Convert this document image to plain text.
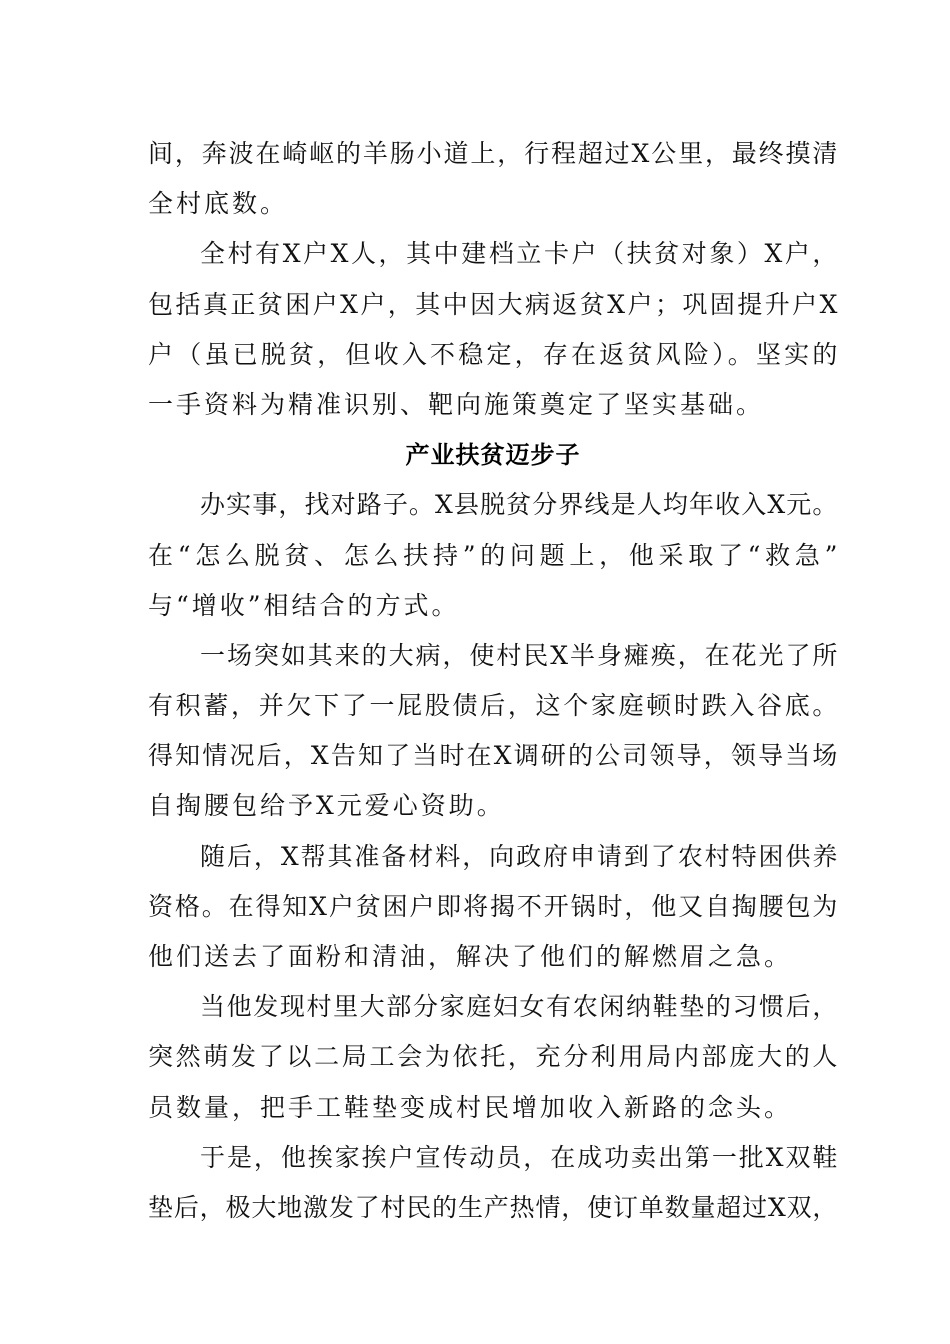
间，奔波在崎岖的羊肠小道上，行程超过X公里，最终摸清
全村底数。
全村有X户X人，其中建档立卡户（扶贫对象）X户，
包括真正贫困户X户，其中因大病返贫X户；巩固提升户X
户（虽已脱贫，但收入不稳定，存在返贫风险）。坚实的
一手资料为精准识别、靶向施策奠定了坚实基础。
产业扶贫迈步子
办实事，找对路子。X县脱贫分界线是人均年收入X元。
在“怎么脱贫、怎么扶持”的问题上，他采取了“救急”
与“增收”相结合的方式。
一场突如其来的大病，使村民X半身瘫痪，在花光了所
有积蓄，并欠下了一屁股债后，这个家庭顿时跌入谷底。
得知情况后，X告知了当时在X调研的公司领导，领导当场
自掏腰包给予X元爱心资助。
随后，X帮其准备材料，向政府申请到了农村特困供养
资格。在得知X户贫困户即将揭不开锅时，他又自掏腰包为
他们送去了面粉和清油，解决了他们的解燃眉之急。
当他发现村里大部分家庭妇女有农闲纳鞋垫的习惯后，
突然萌发了以二局工会为依托，充分利用局内部庞大的人
员数量，把手工鞋垫变成村民增加收入新路的念头。
于是，他挨家挨户宣传动员，在成功卖出第一批X双鞋
垫后，极大地激发了村民的生产热情，使订单数量超过X双，
